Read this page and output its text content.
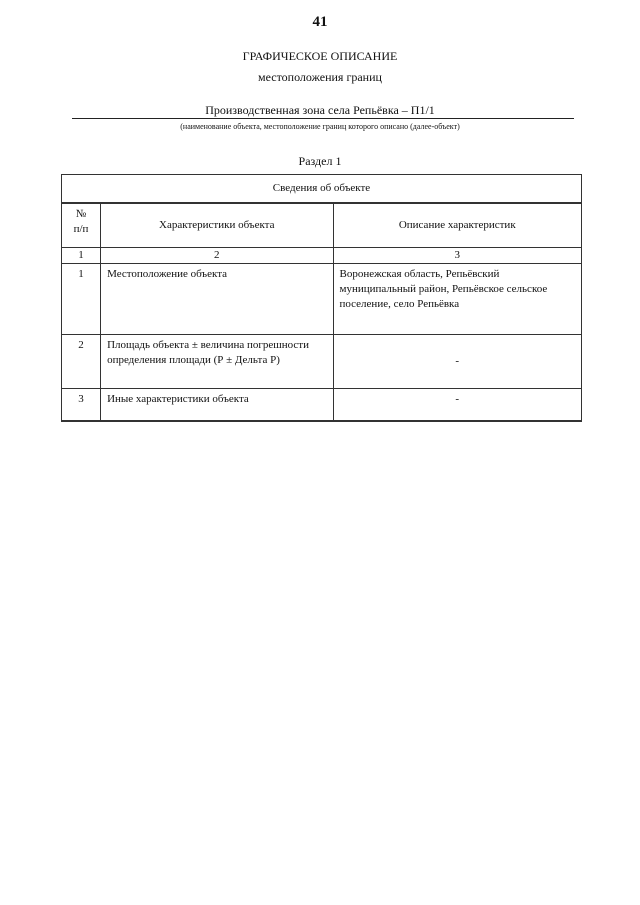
41
ГРАФИЧЕСКОЕ ОПИСАНИЕ
местоположения границ
Производственная зона села Репьёвка – П1/1
(наименование объекта, местоположение границ которого описано (далее-объект)
Раздел 1
Сведения об объекте		

№
п/п	Характеристики объекта	Описание характеристик
1	2	3
1	Местоположение объекта	Воронежская область, Репьёвский муниципальный район, Репьёвское сельское поселение, село Репьёвка
2	Площадь объекта ± величина погрешности определения площади (Р ± Дельта Р)	-
3	Иные характеристики объекта	-
